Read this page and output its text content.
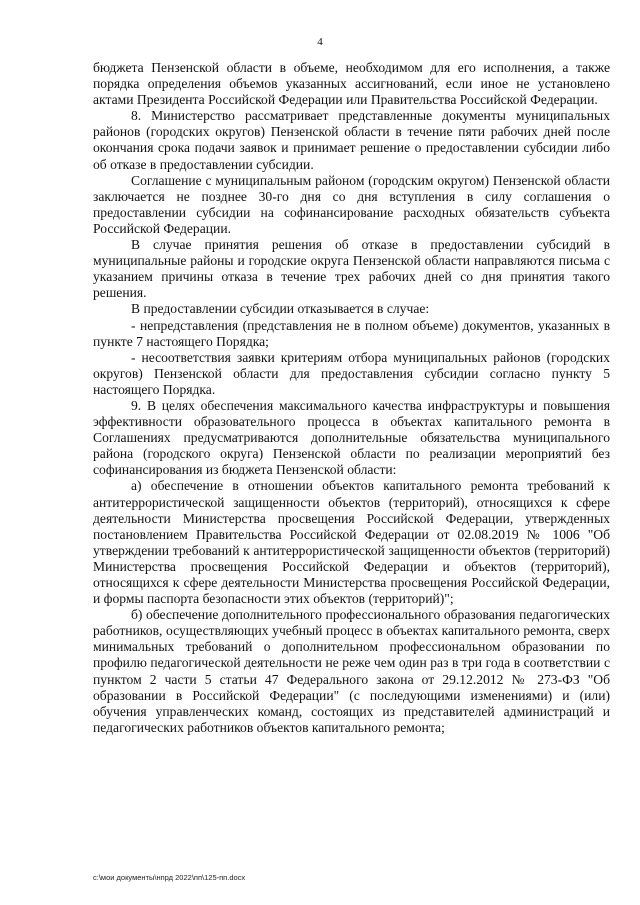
4

бюджета Пензенской области в объеме, необходимом для его исполнения, а также порядка определения объемов указанных ассигнований, если иное не установлено актами Президента Российской Федерации или Правительства Российской Федерации.

8. Министерство рассматривает представленные документы муниципальных районов (городских округов) Пензенской области в течение пяти рабочих дней после окончания срока подачи заявок и принимает решение о предоставлении субсидии либо об отказе в предоставлении субсидии.

Соглашение с муниципальным районом (городским округом) Пензенской области заключается не позднее 30-го дня со дня вступления в силу соглашения о предоставлении субсидии на софинансирование расходных обязательств субъекта Российской Федерации.

В случае принятия решения об отказе в предоставлении субсидий в муниципальные районы и городские округа Пензенской области направляются письма с указанием причины отказа в течение трех рабочих дней со дня принятия такого решения.

В предоставлении субсидии отказывается в случае:

- непредставления (представления не в полном объеме) документов, указанных в пункте 7 настоящего Порядка;

- несоответствия заявки критериям отбора муниципальных районов (городских округов) Пензенской области для предоставления субсидии согласно пункту 5 настоящего Порядка.

9. В целях обеспечения максимального качества инфраструктуры и повышения эффективности образовательного процесса в объектах капитального ремонта в Соглашениях предусматриваются дополнительные обязательства муниципального района (городского округа) Пензенской области по реализации мероприятий без софинансирования из бюджета Пензенской области:

а) обеспечение в отношении объектов капитального ремонта требований к антитеррористической защищенности объектов (территорий), относящихся к сфере деятельности Министерства просвещения Российской Федерации, утвержденных постановлением Правительства Российской Федерации от 02.08.2019 № 1006 "Об утверждении требований к антитеррористической защищенности объектов (территорий) Министерства просвещения Российской Федерации и объектов (территорий), относящихся к сфере деятельности Министерства просвещения Российской Федерации, и формы паспорта безопасности этих объектов (территорий)";

б) обеспечение дополнительного профессионального образования педагогических работников, осуществляющих учебный процесс в объектах капитального ремонта, сверх минимальных требований о дополнительном профессиональном образовании по профилю педагогической деятельности не реже чем один раз в три года в соответствии с пунктом 2 части 5 статьи 47 Федерального закона от 29.12.2012 № 273-ФЗ "Об образовании в Российской Федерации" (с последующими изменениями) и (или) обучения управленческих команд, состоящих из представителей администраций и педагогических работников объектов капитального ремонта;

c:\мои документы\нпрд 2022\пп\125-пп.docx
